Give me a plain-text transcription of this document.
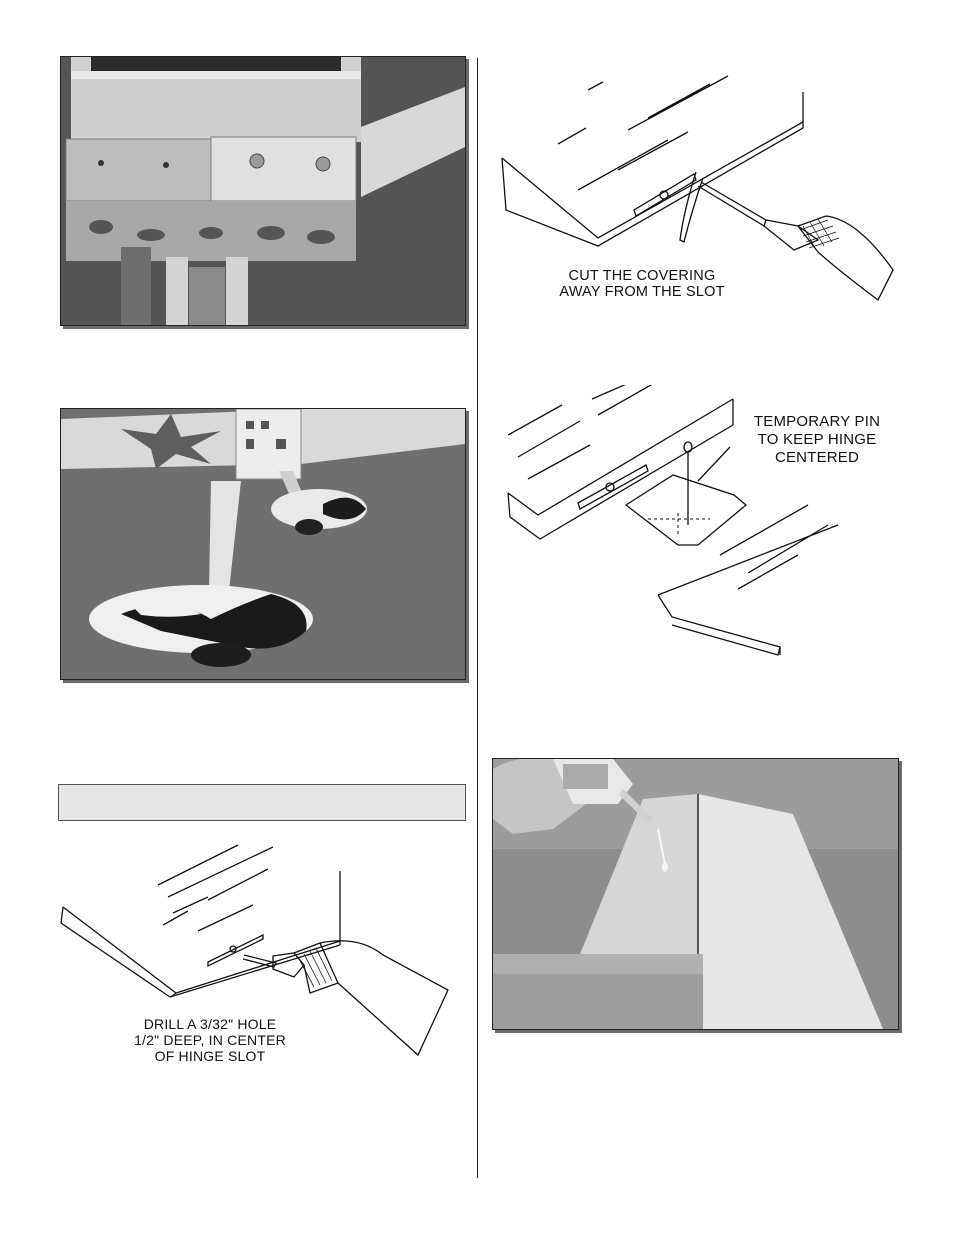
DRILL A 3/32" HOLE
1/2" DEEP, IN CENTER
OF HINGE SLOT
CUT THE COVERING
AWAY FROM THE SLOT
TEMPORARY PIN
TO KEEP HINGE
CENTERED
